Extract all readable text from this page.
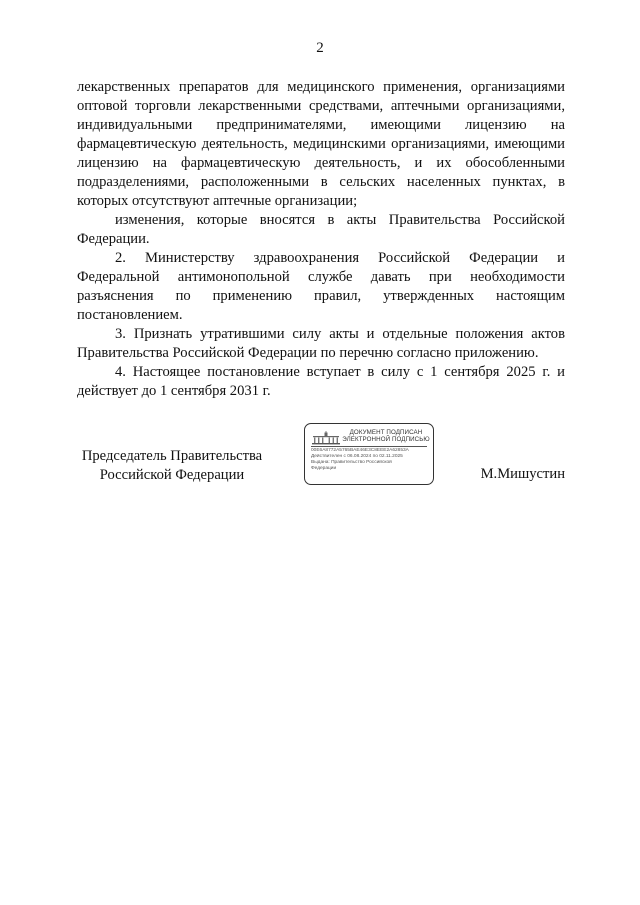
2

лекарственных препаратов для медицинского применения, организациями оптовой торговли лекарственными средствами, аптечными организациями, индивидуальными предпринимателями, имеющими лицензию на фармацевтическую деятельность, медицинскими организациями, имеющими лицензию на фармацевтическую деятельность, и их обособленными подразделениями, расположенными в сельских населенных пунктах, в которых отсутствуют аптечные организации;

изменения, которые вносятся в акты Правительства Российской Федерации.

2. Министерству здравоохранения Российской Федерации и Федеральной антимонопольной службе давать при необходимости разъяснения по применению правил, утвержденных настоящим постановлением.

3. Признать утратившими силу акты и отдельные положения актов Правительства Российской Федерации по перечню согласно приложению.

4. Настоящее постановление вступает в силу с 1 сентября 2025 г. и действует до 1 сентября 2031 г.

Председатель Правительства
Российской Федерации
ДОКУМЕНТ ПОДПИСАН
ЭЛЕКТРОННОЙ ПОДПИСЬЮ
00E6A8772A5765BAE46E3C8EEE2A62853A
Действителен с 06.08.2024 по 02.11.2025
Выдана: Правительство Российской
Федерации	М.Мишустин
